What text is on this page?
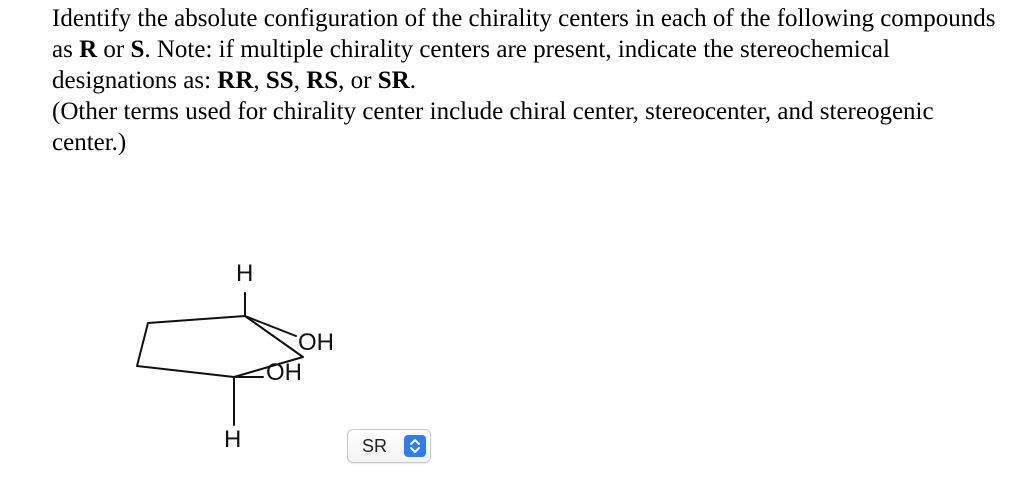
Identify the absolute configuration of the chirality centers in each of the following compounds as R or S. Note: if multiple chirality centers are present, indicate the stereochemical designations as: RR, SS, RS, or SR.

(Other terms used for chirality center include chiral center, stereocenter, and stereogenic center.)

H
OH
OH
H	SR
